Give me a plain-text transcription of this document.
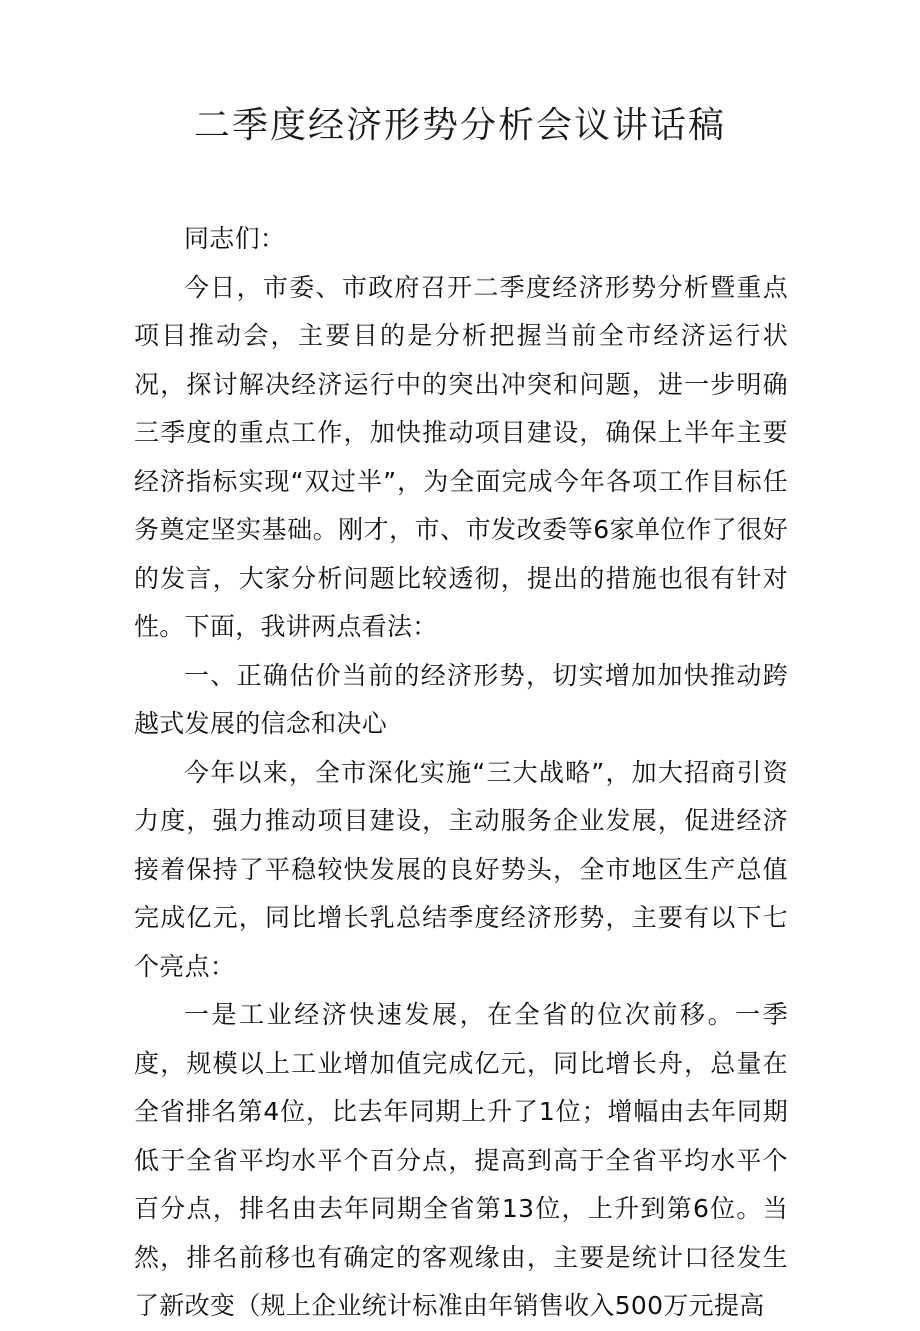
二季度经济形势分析会议讲话稿

同志们：

今日，市委、市政府召开二季度经济形势分析暨重点项目推动会，主要目的是分析把握当前全市经济运行状况，探讨解决经济运行中的突出冲突和问题，进一步明确三季度的重点工作，加快推动项目建设，确保上半年主要经济指标实现“双过半”，为全面完成今年各项工作目标任务奠定坚实基础。刚才，市、市发改委等6家单位作了很好的发言，大家分析问题比较透彻，提出的措施也很有针对性。下面，我讲两点看法：

一、正确估价当前的经济形势，切实增加加快推动跨越式发展的信念和决心

今年以来，全市深化实施“三大战略”，加大招商引资力度，强力推动项目建设，主动服务企业发展，促进经济接着保持了平稳较快发展的良好势头，全市地区生产总值完成亿元，同比增长乳总结季度经济形势，主要有以下七个亮点：

一是工业经济快速发展，在全省的位次前移。一季度，规模以上工业增加值完成亿元，同比增长舟，总量在全省排名第4位，比去年同期上升了1位；增幅由去年同期低于全省平均水平个百分点，提高到高于全省平均水平个百分点，排名由去年同期全省第13位，上升到第6位。当然，排名前移也有确定的客观缘由，主要是统计口径发生了新改变（规上企业统计标准由年销售收入500万元提高
